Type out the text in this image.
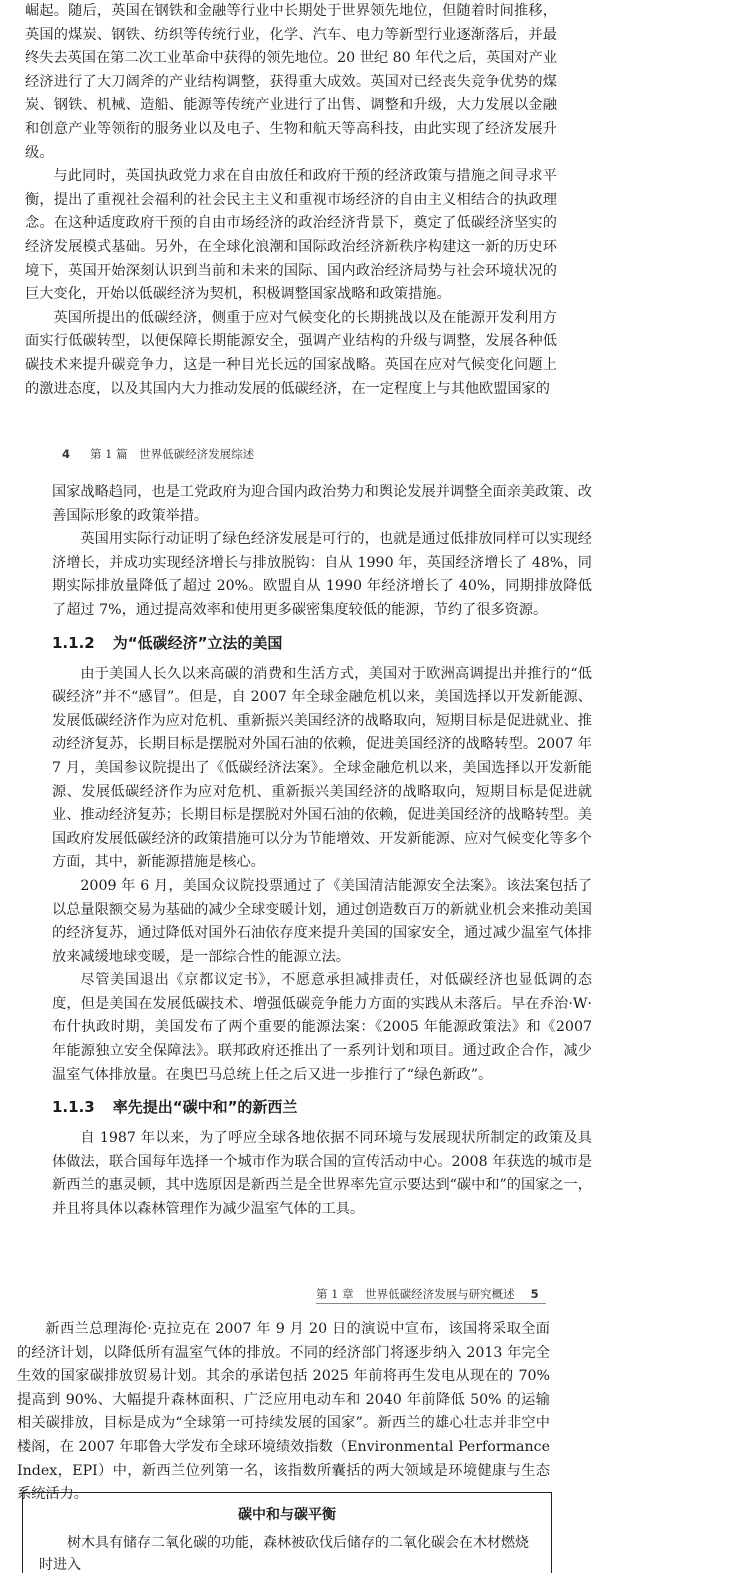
崛起。随后，英国在钢铁和金融等行业中长期处于世界领先地位，但随着时间推移，英国的煤炭、钢铁、纺织等传统行业，化学、汽车、电力等新型行业逐渐落后，并最终失去英国在第二次工业革命中获得的领先地位。20 世纪 80 年代之后，英国对产业经济进行了大刀阔斧的产业结构调整，获得重大成效。英国对已经丧失竞争优势的煤炭、钢铁、机械、造船、能源等传统产业进行了出售、调整和升级，大力发展以金融和创意产业等领衔的服务业以及电子、生物和航天等高科技，由此实现了经济发展升级。

与此同时，英国执政党力求在自由放任和政府干预的经济政策与措施之间寻求平衡，提出了重视社会福利的社会民主主义和重视市场经济的自由主义相结合的执政理念。在这种适度政府干预的自由市场经济的政治经济背景下，奠定了低碳经济坚实的经济发展模式基础。另外，在全球化浪潮和国际政治经济新秩序构建这一新的历史环境下，英国开始深刻认识到当前和未来的国际、国内政治经济局势与社会环境状况的巨大变化，开始以低碳经济为契机，积极调整国家战略和政策措施。

英国所提出的低碳经济，侧重于应对气候变化的长期挑战以及在能源开发利用方面实行低碳转型，以便保障长期能源安全，强调产业结构的升级与调整，发展各种低碳技术来提升碳竞争力，这是一种目光长远的国家战略。英国在应对气候变化问题上的激进态度，以及其国内大力推动发展的低碳经济，在一定程度上与其他欧盟国家的

4 第 1 篇　世界低碳经济发展综述

国家战略趋同，也是工党政府为迎合国内政治势力和舆论发展并调整全面亲美政策、改善国际形象的政策举措。

英国用实际行动证明了绿色经济发展是可行的，也就是通过低排放同样可以实现经济增长，并成功实现经济增长与排放脱钩：自从 1990 年，英国经济增长了 48%，同期实际排放量降低了超过 20%。欧盟自从 1990 年经济增长了 40%，同期排放降低了超过 7%，通过提高效率和使用更多碳密集度较低的能源，节约了很多资源。

1.1.2 为“低碳经济”立法的美国

由于美国人长久以来高碳的消费和生活方式，美国对于欧洲高调提出并推行的“低碳经济”并不“感冒”。但是，自 2007 年全球金融危机以来，美国选择以开发新能源、发展低碳经济作为应对危机、重新振兴美国经济的战略取向，短期目标是促进就业、推动经济复苏，长期目标是摆脱对外国石油的依赖，促进美国经济的战略转型。2007 年 7 月，美国参议院提出了《低碳经济法案》。全球金融危机以来，美国选择以开发新能源、发展低碳经济作为应对危机、重新振兴美国经济的战略取向，短期目标是促进就业、推动经济复苏；长期目标是摆脱对外国石油的依赖，促进美国经济的战略转型。美国政府发展低碳经济的政策措施可以分为节能增效、开发新能源、应对气候变化等多个方面，其中，新能源措施是核心。

2009 年 6 月，美国众议院投票通过了《美国清洁能源安全法案》。该法案包括了以总量限额交易为基础的减少全球变暖计划，通过创造数百万的新就业机会来推动美国的经济复苏，通过降低对国外石油依存度来提升美国的国家安全，通过减少温室气体排放来减缓地球变暖，是一部综合性的能源立法。

尽管美国退出《京都议定书》，不愿意承担减排责任，对低碳经济也显低调的态度，但是美国在发展低碳技术、增强低碳竞争能力方面的实践从未落后。早在乔治·W·布什执政时期，美国发布了两个重要的能源法案：《2005 年能源政策法》和《2007 年能源独立安全保障法》。联邦政府还推出了一系列计划和项目。通过政企合作，减少温室气体排放量。在奥巴马总统上任之后又进一步推行了“绿色新政”。

1.1.3 率先提出“碳中和”的新西兰

自 1987 年以来，为了呼应全球各地依据不同环境与发展现状所制定的政策及具体做法，联合国每年选择一个城市作为联合国的宣传活动中心。2008 年获选的城市是新西兰的惠灵顿，其中选原因是新西兰是全世界率先宣示要达到“碳中和”的国家之一，并且将具体以森林管理作为减少温室气体的工具。

第 1 章　世界低碳经济发展与研究概述 5

新西兰总理海伦·克拉克在 2007 年 9 月 20 日的演说中宣布，该国将采取全面的经济计划，以降低所有温室气体的排放。不同的经济部门将逐步纳入 2013 年完全生效的国家碳排放贸易计划。其余的承诺包括 2025 年前将再生发电从现在的 70% 提高到 90%、大幅提升森林面积、广泛应用电动车和 2040 年前降低 50% 的运输相关碳排放，目标是成为“全球第一可持续发展的国家”。新西兰的雄心壮志并非空中楼阁，在 2007 年耶鲁大学发布全球环境绩效指数（Environmental Performance Index，EPI）中，新西兰位列第一名，该指数所囊括的两大领域是环境健康与生态系统活力。

碳中和与碳平衡
树木具有储存二氧化碳的功能，森林被砍伐后储存的二氧化碳会在木材燃烧时进入
